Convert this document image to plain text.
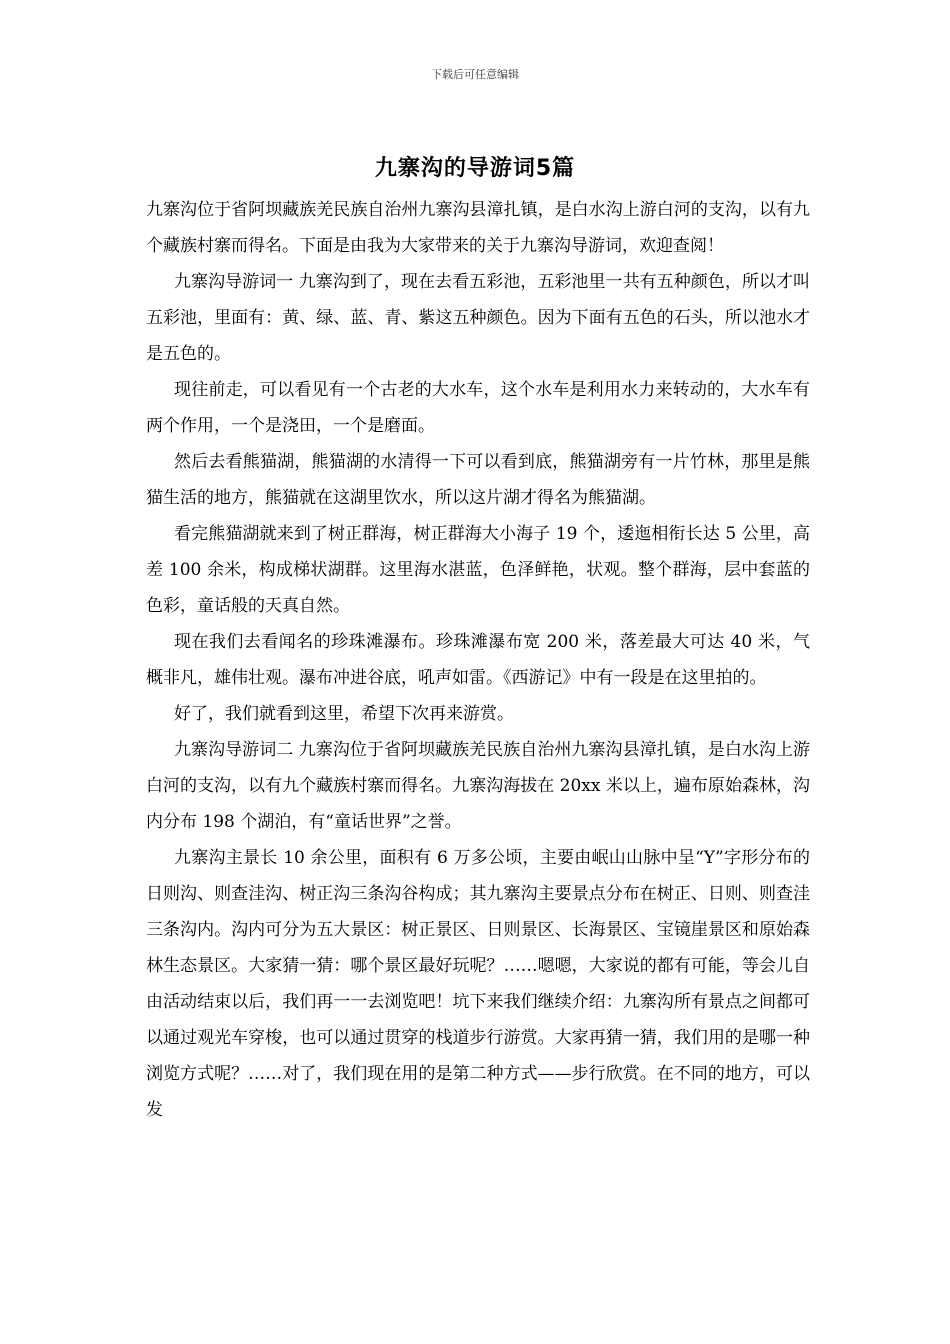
下载后可任意编辑
九寨沟的导游词5篇

九寨沟位于省阿坝藏族羌民族自治州九寨沟县漳扎镇，是白水沟上游白河的支沟，以有九个藏族村寨而得名。下面是由我为大家带来的关于九寨沟导游词，欢迎查阅！

九寨沟导游词一 九寨沟到了，现在去看五彩池，五彩池里一共有五种颜色，所以才叫五彩池，里面有：黄、绿、蓝、青、紫这五种颜色。因为下面有五色的石头，所以池水才是五色的。

现往前走，可以看见有一个古老的大水车，这个水车是利用水力来转动的，大水车有两个作用，一个是浇田，一个是磨面。

然后去看熊猫湖，熊猫湖的水清得一下可以看到底，熊猫湖旁有一片竹林，那里是熊猫生活的地方，熊猫就在这湖里饮水，所以这片湖才得名为熊猫湖。

看完熊猫湖就来到了树正群海，树正群海大小海子 19 个，逶迤相衔长达 5 公里，高差 100 余米，构成梯状湖群。这里海水湛蓝，色泽鲜艳，状观。整个群海，层中套蓝的色彩，童话般的天真自然。

现在我们去看闻名的珍珠滩瀑布。珍珠滩瀑布宽 200 米，落差最大可达 40 米，气概非凡，雄伟壮观。瀑布冲进谷底，吼声如雷。《西游记》中有一段是在这里拍的。

好了，我们就看到这里，希望下次再来游赏。

九寨沟导游词二 九寨沟位于省阿坝藏族羌民族自治州九寨沟县漳扎镇，是白水沟上游白河的支沟，以有九个藏族村寨而得名。九寨沟海拔在 20xx 米以上，遍布原始森林，沟内分布 198 个湖泊，有“童话世界”之誉。

九寨沟主景长 10 余公里，面积有 6 万多公顷，主要由岷山山脉中呈“Y”字形分布的日则沟、则查洼沟、树正沟三条沟谷构成；其九寨沟主要景点分布在树正、日则、则查洼三条沟内。沟内可分为五大景区：树正景区、日则景区、长海景区、宝镜崖景区和原始森林生态景区。大家猜一猜：哪个景区最好玩呢？……嗯嗯，大家说的都有可能，等会儿自由活动结束以后，我们再一一去浏览吧！坑下来我们继续介绍：九寨沟所有景点之间都可以通过观光车穿梭，也可以通过贯穿的栈道步行游赏。大家再猜一猜，我们用的是哪一种浏览方式呢？……对了，我们现在用的是第二种方式——步行欣赏。在不同的地方，可以发
